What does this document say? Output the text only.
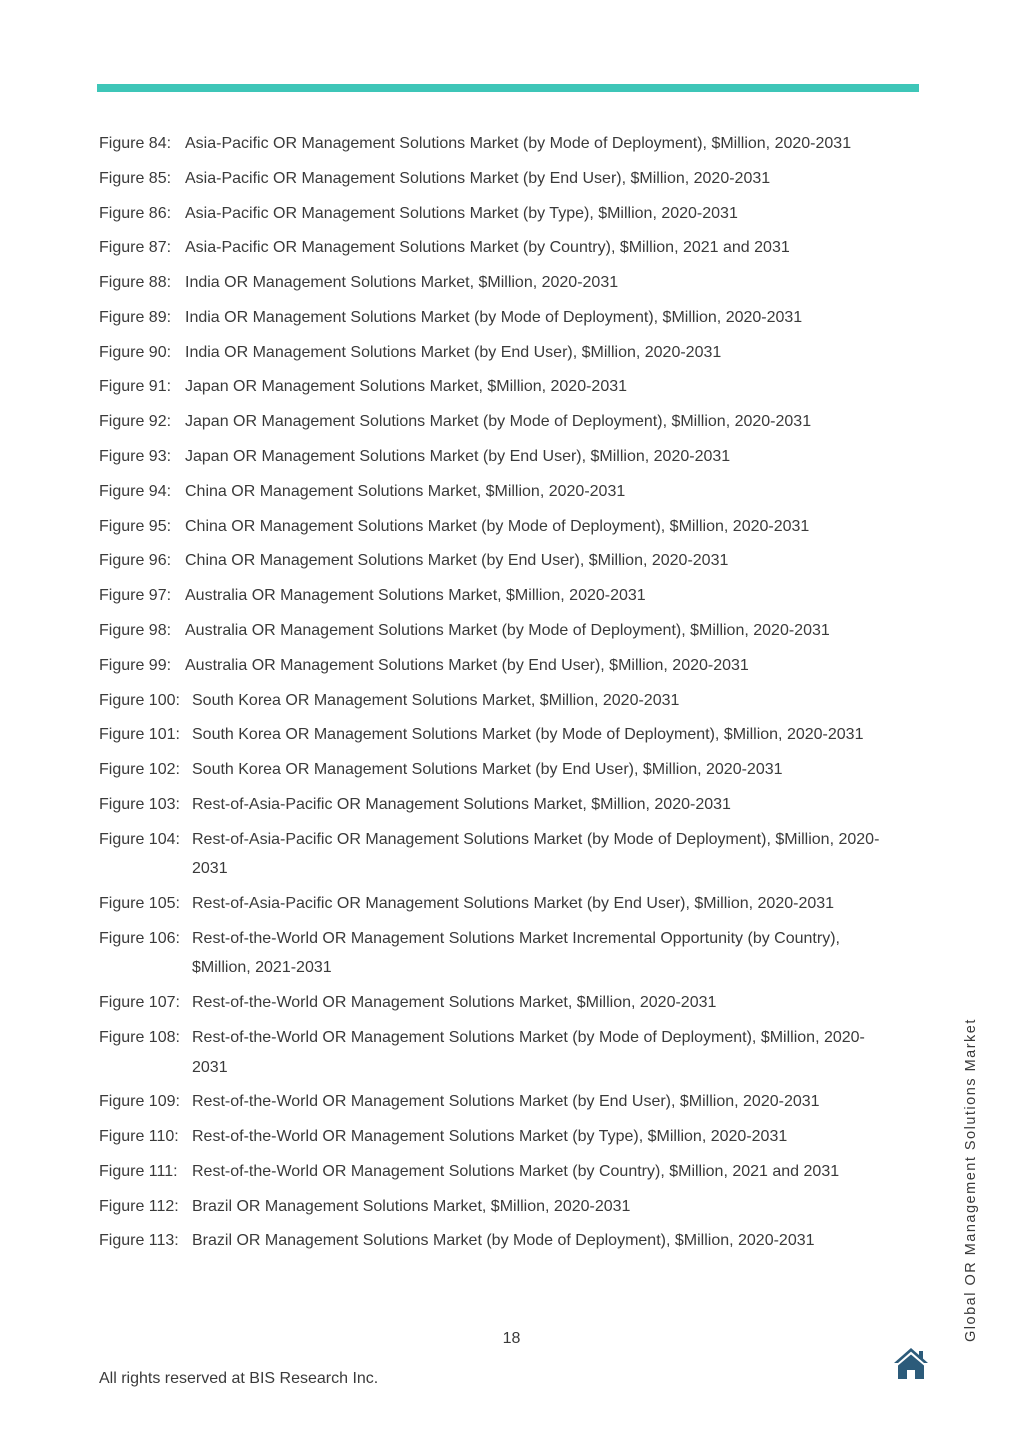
Figure 84: Asia-Pacific OR Management Solutions Market (by Mode of Deployment), $Million, 2020-2031
Figure 85: Asia-Pacific OR Management Solutions Market (by End User), $Million, 2020-2031
Figure 86: Asia-Pacific OR Management Solutions Market (by Type), $Million, 2020-2031
Figure 87: Asia-Pacific OR Management Solutions Market (by Country), $Million, 2021 and 2031
Figure 88: India OR Management Solutions Market, $Million, 2020-2031
Figure 89: India OR Management Solutions Market (by Mode of Deployment), $Million, 2020-2031
Figure 90: India OR Management Solutions Market (by End User), $Million, 2020-2031
Figure 91: Japan OR Management Solutions Market, $Million, 2020-2031
Figure 92: Japan OR Management Solutions Market (by Mode of Deployment), $Million, 2020-2031
Figure 93: Japan OR Management Solutions Market (by End User), $Million, 2020-2031
Figure 94: China OR Management Solutions Market, $Million, 2020-2031
Figure 95: China OR Management Solutions Market (by Mode of Deployment), $Million, 2020-2031
Figure 96: China OR Management Solutions Market (by End User), $Million, 2020-2031
Figure 97: Australia OR Management Solutions Market, $Million, 2020-2031
Figure 98: Australia OR Management Solutions Market (by Mode of Deployment), $Million, 2020-2031
Figure 99: Australia OR Management Solutions Market (by End User), $Million, 2020-2031
Figure 100: South Korea OR Management Solutions Market, $Million, 2020-2031
Figure 101: South Korea OR Management Solutions Market (by Mode of Deployment), $Million, 2020-2031
Figure 102: South Korea OR Management Solutions Market (by End User), $Million, 2020-2031
Figure 103: Rest-of-Asia-Pacific OR Management Solutions Market, $Million, 2020-2031
Figure 104: Rest-of-Asia-Pacific OR Management Solutions Market (by Mode of Deployment), $Million, 2020-2031
Figure 105: Rest-of-Asia-Pacific OR Management Solutions Market (by End User), $Million, 2020-2031
Figure 106: Rest-of-the-World OR Management Solutions Market Incremental Opportunity (by Country), $Million, 2021-2031
Figure 107: Rest-of-the-World OR Management Solutions Market, $Million, 2020-2031
Figure 108: Rest-of-the-World OR Management Solutions Market (by Mode of Deployment), $Million, 2020-2031
Figure 109: Rest-of-the-World OR Management Solutions Market (by End User), $Million, 2020-2031
Figure 110: Rest-of-the-World OR Management Solutions Market (by Type), $Million, 2020-2031
Figure 111: Rest-of-the-World OR Management Solutions Market (by Country), $Million, 2021 and 2031
Figure 112: Brazil OR Management Solutions Market, $Million, 2020-2031
Figure 113: Brazil OR Management Solutions Market (by Mode of Deployment), $Million, 2020-2031
18
All rights reserved at BIS Research Inc.
Global OR Management Solutions Market
